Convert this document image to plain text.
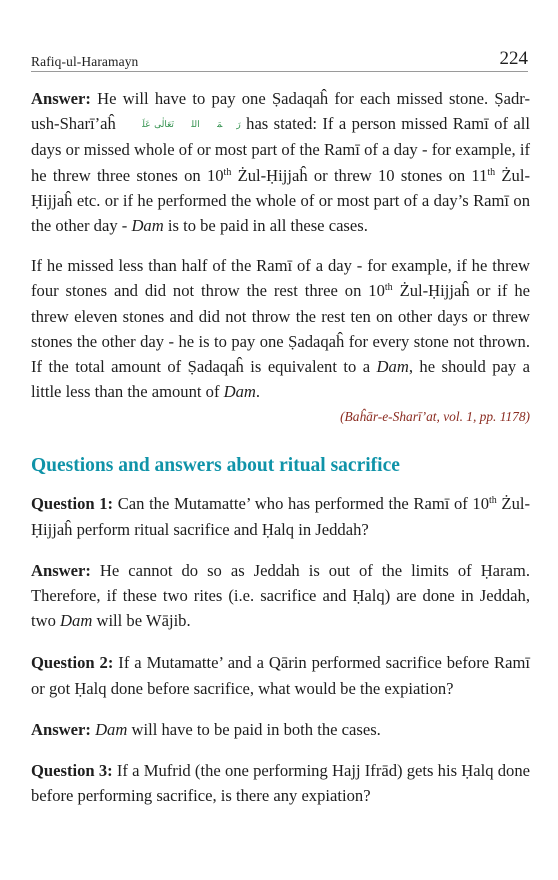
Rafiq-ul-Haramayn	224

Answer: He will have to pay one Ṣadaqaĥ for each missed stone. Ṣadr-ush-Sharī’aĥ رَحۡمَۃُ اللہِ تَعَالٰی عَلَیۡہ has stated: If a person missed Ramī of all days or missed whole of or most part of the Ramī of a day - for example, if he threw three stones on 10th Żul-Ḥijjaĥ or threw 10 stones on 11th Żul-Ḥijjaĥ etc. or if he performed the whole of or most part of a day’s Ramī on the other day - Dam is to be paid in all these cases.

If he missed less than half of the Ramī of a day - for example, if he threw four stones and did not throw the rest three on 10th Żul-Ḥijjaĥ or if he threw eleven stones and did not throw the rest ten on other days or threw stones the other day - he is to pay one Ṣadaqaĥ for every stone not thrown. If the total amount of Ṣadaqaĥ is equivalent to a Dam, he should pay a little less than the amount of Dam.

(Baĥār-e-Sharī’at, vol. 1, pp. 1178)
Questions and answers about ritual sacrifice

Question 1: Can the Mutamatte’ who has performed the Ramī of 10th Żul-Ḥijjaĥ perform ritual sacrifice and Ḥalq in Jeddah?

Answer: He cannot do so as Jeddah is out of the limits of Ḥaram. Therefore, if these two rites (i.e. sacrifice and Ḥalq) are done in Jeddah, two Dam will be Wājib.

Question 2: If a Mutamatte’ and a Qārin performed sacrifice before Ramī or got Ḥalq done before sacrifice, what would be the expiation?

Answer: Dam will have to be paid in both the cases.

Question 3: If a Mufrid (the one performing Hajj Ifrād) gets his Ḥalq done before performing sacrifice, is there any expiation?
